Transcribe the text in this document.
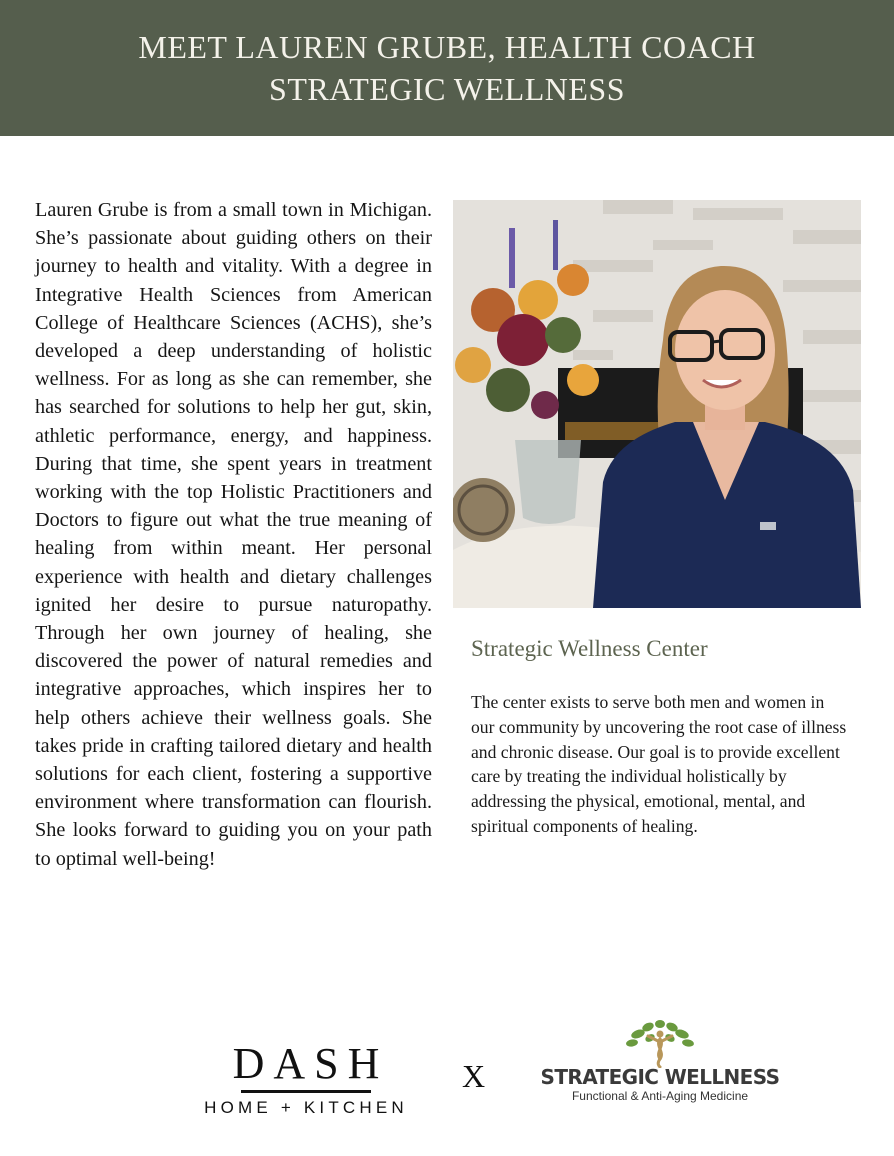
MEET LAUREN GRUBE, HEALTH COACH
STRATEGIC WELLNESS

Lauren Grube is from a small town in Michigan. She’s passionate about guiding others on their journey to health and vitality. With a degree in Integrative Health Sciences from American College of Healthcare Sciences (ACHS), she’s developed a deep understanding of holistic wellness. For as long as she can remember, she has searched for solutions to help her gut, skin, athletic performance, energy, and happiness. During that time, she spent years in treatment working with the top Holistic Practitioners and Doctors to figure out what the true meaning of healing from within meant. Her personal experience with health and dietary challenges ignited her desire to pursue naturopathy. Through her own journey of healing, she discovered the power of natural remedies and integrative approaches, which inspires her to help others achieve their wellness goals. She takes pride in crafting tailored dietary and health solutions for each client, fostering a supportive environment where transformation can flourish. She looks forward to guiding you on your path to optimal well-being!

Strategic Wellness Center

The center exists to serve both men and women in our community by uncovering the root case of illness and chronic disease. Our goal is to provide excellent care by treating the individual holistically by addressing the physical, emotional, mental, and spiritual components of healing.

DASH
HOME + KITCHEN
X	STRATEGIC WELLNESS
Functional & Anti-Aging Medicine
